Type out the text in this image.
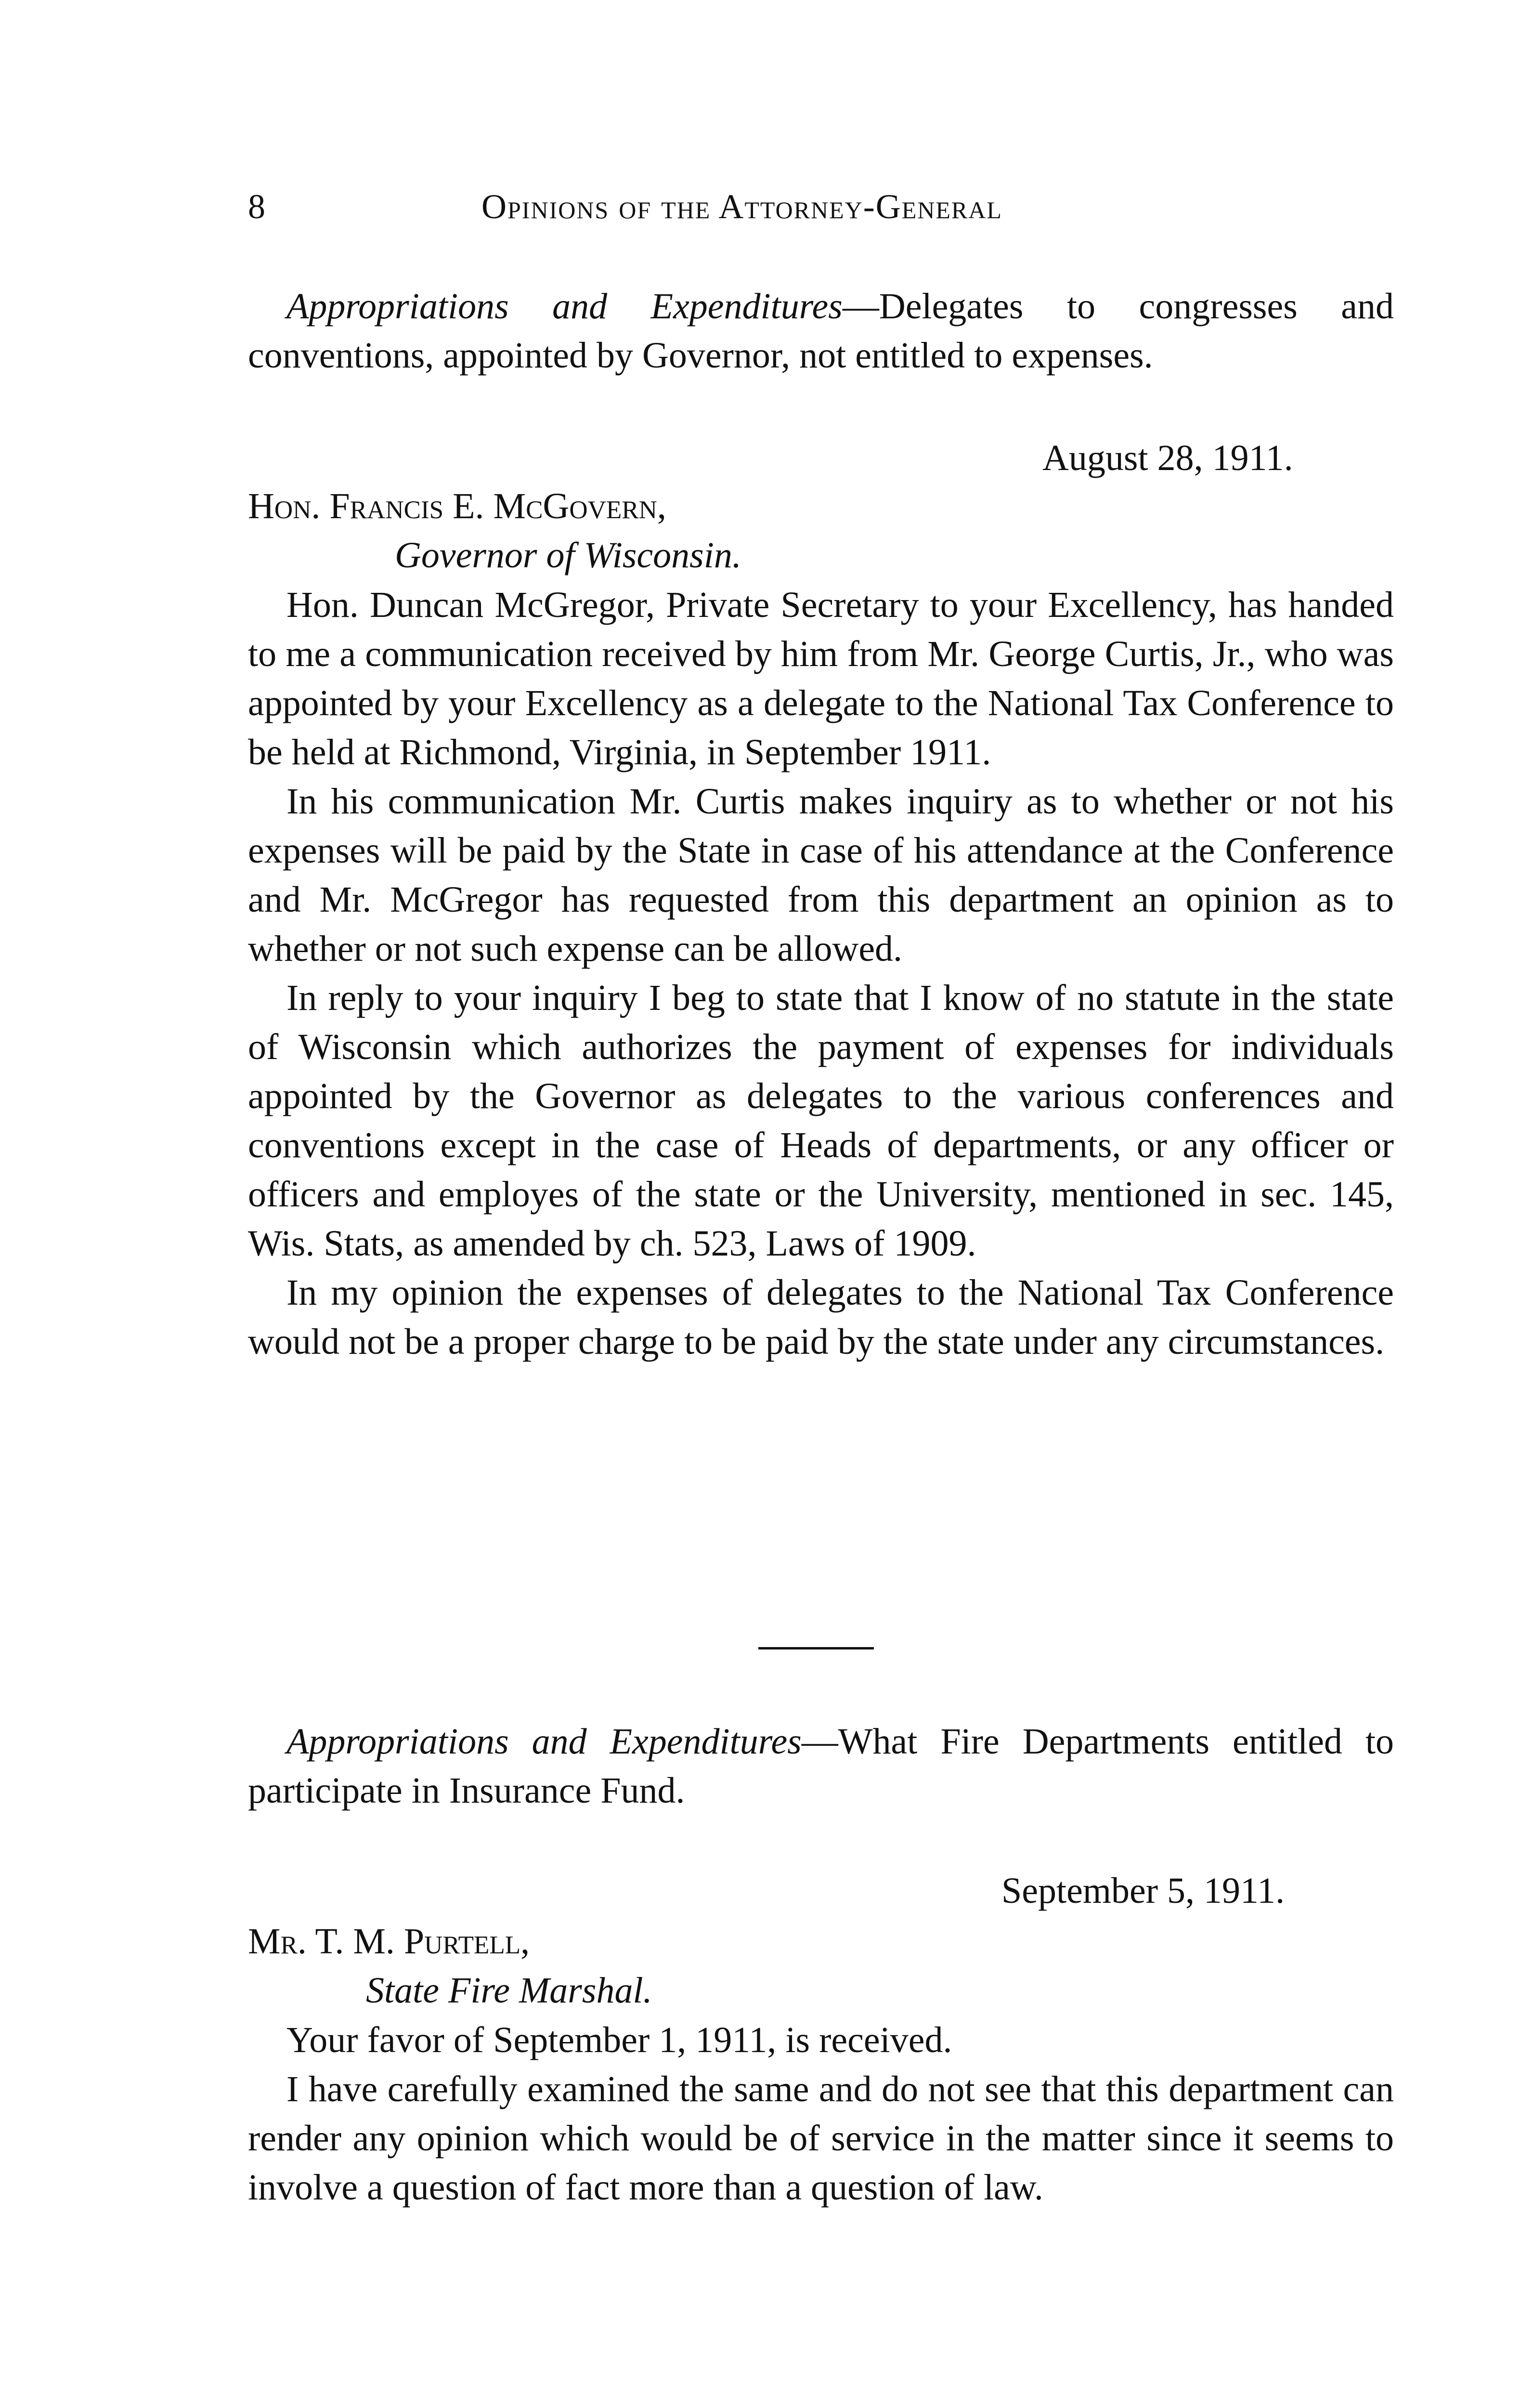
8	Opinions of the Attorney-General

Appropriations and Expenditures—Delegates to congresses and conventions, appointed by Governor, not entitled to expenses.

August 28, 1911.
Hon. Francis E. McGovern,
Governor of Wisconsin.

Hon. Duncan McGregor, Private Secretary to your Excellency, has handed to me a communication received by him from Mr. George Curtis, Jr., who was appointed by your Excellency as a delegate to the National Tax Conference to be held at Richmond, Virginia, in September 1911.

In his communication Mr. Curtis makes inquiry as to whether or not his expenses will be paid by the State in case of his attendance at the Conference and Mr. McGregor has requested from this department an opinion as to whether or not such expense can be allowed.

In reply to your inquiry I beg to state that I know of no statute in the state of Wisconsin which authorizes the payment of expenses for individuals appointed by the Governor as delegates to the various conferences and conventions except in the case of Heads of departments, or any officer or officers and employes of the state or the University, mentioned in sec. 145, Wis. Stats, as amended by ch. 523, Laws of 1909.

In my opinion the expenses of delegates to the National Tax Conference would not be a proper charge to be paid by the state under any circumstances.

Appropriations and Expenditures—What Fire Departments entitled to participate in Insurance Fund.

September 5, 1911.
Mr. T. M. Purtell,
State Fire Marshal.

Your favor of September 1, 1911, is received.

I have carefully examined the same and do not see that this department can render any opinion which would be of service in the matter since it seems to involve a question of fact more than a question of law.
